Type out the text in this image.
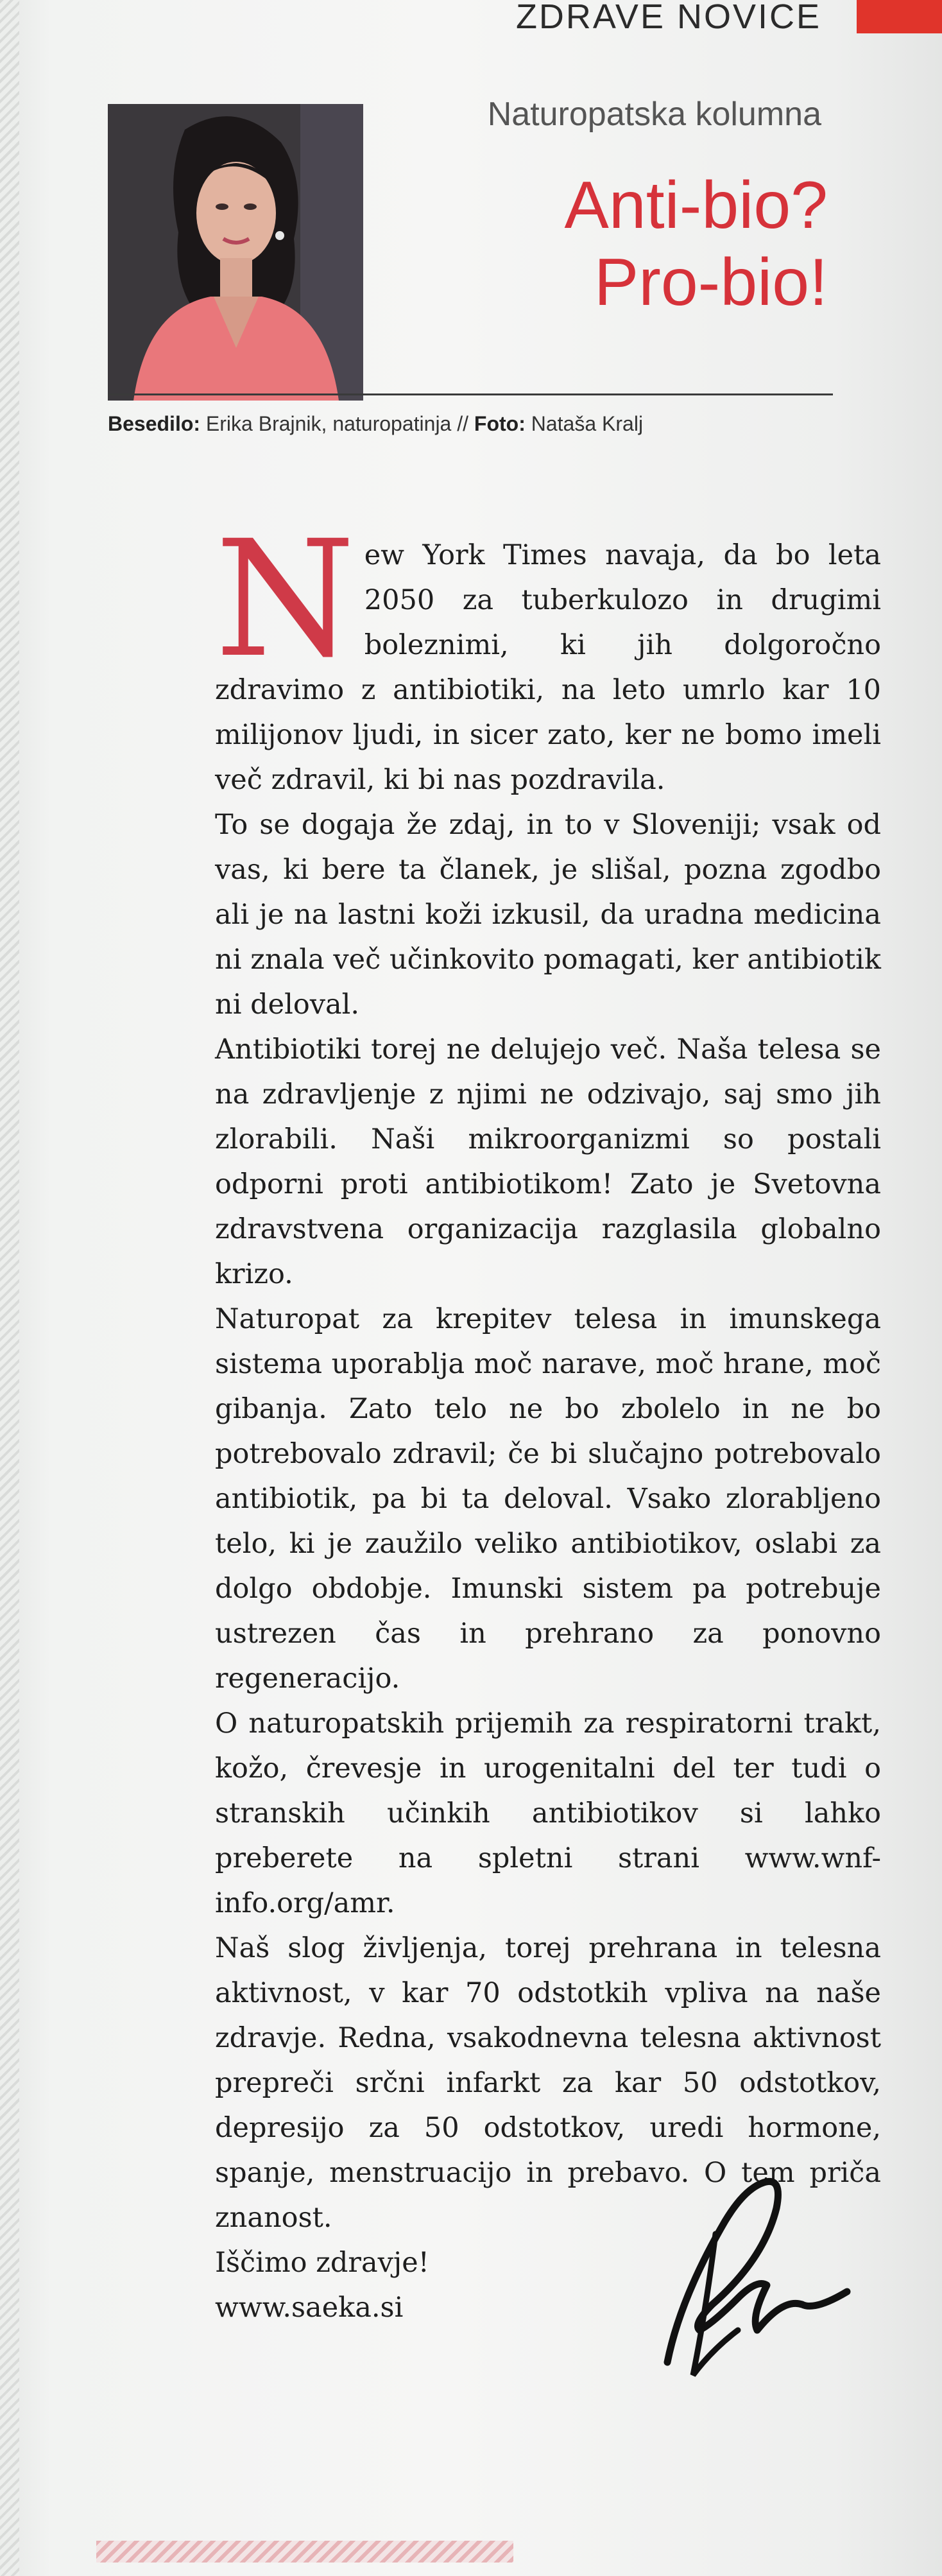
ZDRAVE NOVICE
Naturopatska kolumna
Anti-bio?
Pro-bio!
Besedilo: Erika Brajnik, naturopatinja // Foto: Nataša Kralj

New York Times navaja, da bo leta 2050 za tuberkulozo in drugimi boleznimi, ki jih dolgoročno zdravimo z antibiotiki, na leto umrlo kar 10 milijonov ljudi, in sicer zato, ker ne bomo imeli več zdravil, ki bi nas pozdravila.

To se dogaja že zdaj, in to v Sloveniji; vsak od vas, ki bere ta članek, je slišal, pozna zgodbo ali je na lastni koži izkusil, da uradna medicina ni znala več učinkovito pomagati, ker antibiotik ni deloval.

Antibiotiki torej ne delujejo več. Naša telesa se na zdravljenje z njimi ne odzivajo, saj smo jih zlorabili. Naši mikroorganizmi so postali odporni proti antibiotikom! Zato je Svetovna zdravstvena organizacija razglasila globalno krizo.

Naturopat za krepitev telesa in imunskega sistema uporablja moč narave, moč hrane, moč gibanja. Zato telo ne bo zbolelo in ne bo potrebovalo zdravil; če bi slučajno potrebovalo antibiotik, pa bi ta deloval. Vsako zlorabljeno telo, ki je zaužilo veliko antibiotikov, oslabi za dolgo obdobje. Imunski sistem pa potrebuje ustrezen čas in prehrano za ponovno regeneracijo.

O naturopatskih prijemih za respiratorni trakt, kožo, črevesje in urogenitalni del ter tudi o stranskih učinkih antibiotikov si lahko preberete na spletni strani www.wnf-info.org/amr.

Naš slog življenja, torej prehrana in telesna aktivnost, v kar 70 odstotkih vpliva na naše zdravje. Redna, vsakodnevna telesna aktivnost prepreči srčni infarkt za kar 50 odstotkov, depresijo za 50 odstotkov, uredi hormone, spanje, menstruacijo in prebavo. O tem priča znanost.

Iščimo zdravje!

www.saeka.si
